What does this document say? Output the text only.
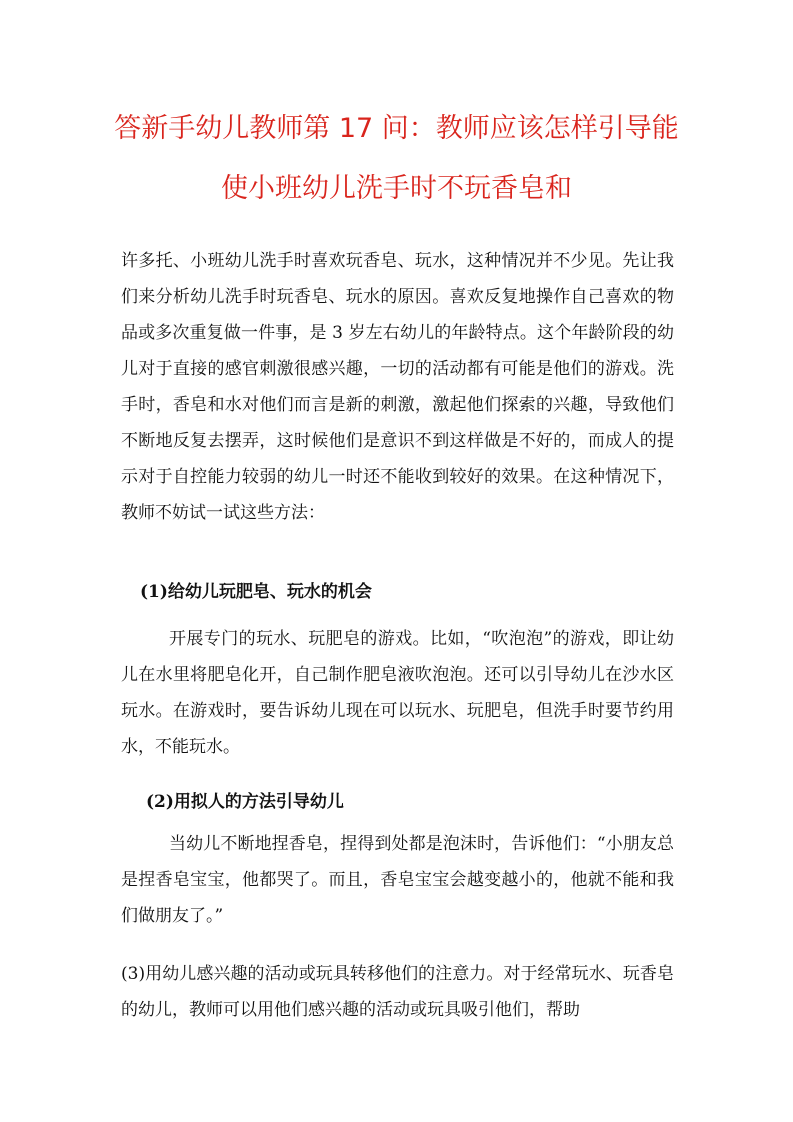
答新手幼儿教师第 17 问：教师应该怎样引导能
使小班幼儿洗手时不玩香皂和

许多托、小班幼儿洗手时喜欢玩香皂、玩水，这种情况并不少见。先让我们来分析幼儿洗手时玩香皂、玩水的原因。喜欢反复地操作自己喜欢的物品或多次重复做一件事，是 3 岁左右幼儿的年龄特点。这个年龄阶段的幼儿对于直接的感官刺激很感兴趣，一切的活动都有可能是他们的游戏。洗手时，香皂和水对他们而言是新的刺激，激起他们探索的兴趣，导致他们不断地反复去摆弄，这时候他们是意识不到这样做是不好的，而成人的提示对于自控能力较弱的幼儿一时还不能收到较好的效果。在这种情况下，教师不妨试一试这些方法：

(1)给幼儿玩肥皂、玩水的机会

开展专门的玩水、玩肥皂的游戏。比如，“吹泡泡”的游戏，即让幼儿在水里将肥皂化开，自己制作肥皂液吹泡泡。还可以引导幼儿在沙水区玩水。在游戏时，要告诉幼儿现在可以玩水、玩肥皂，但洗手时要节约用水，不能玩水。

(2)用拟人的方法引导幼儿

当幼儿不断地捏香皂，捏得到处都是泡沫时，告诉他们：“小朋友总是捏香皂宝宝，他都哭了。而且，香皂宝宝会越变越小的，他就不能和我们做朋友了。”

(3)用幼儿感兴趣的活动或玩具转移他们的注意力。对于经常玩水、玩香皂的幼儿，教师可以用他们感兴趣的活动或玩具吸引他们，帮助
